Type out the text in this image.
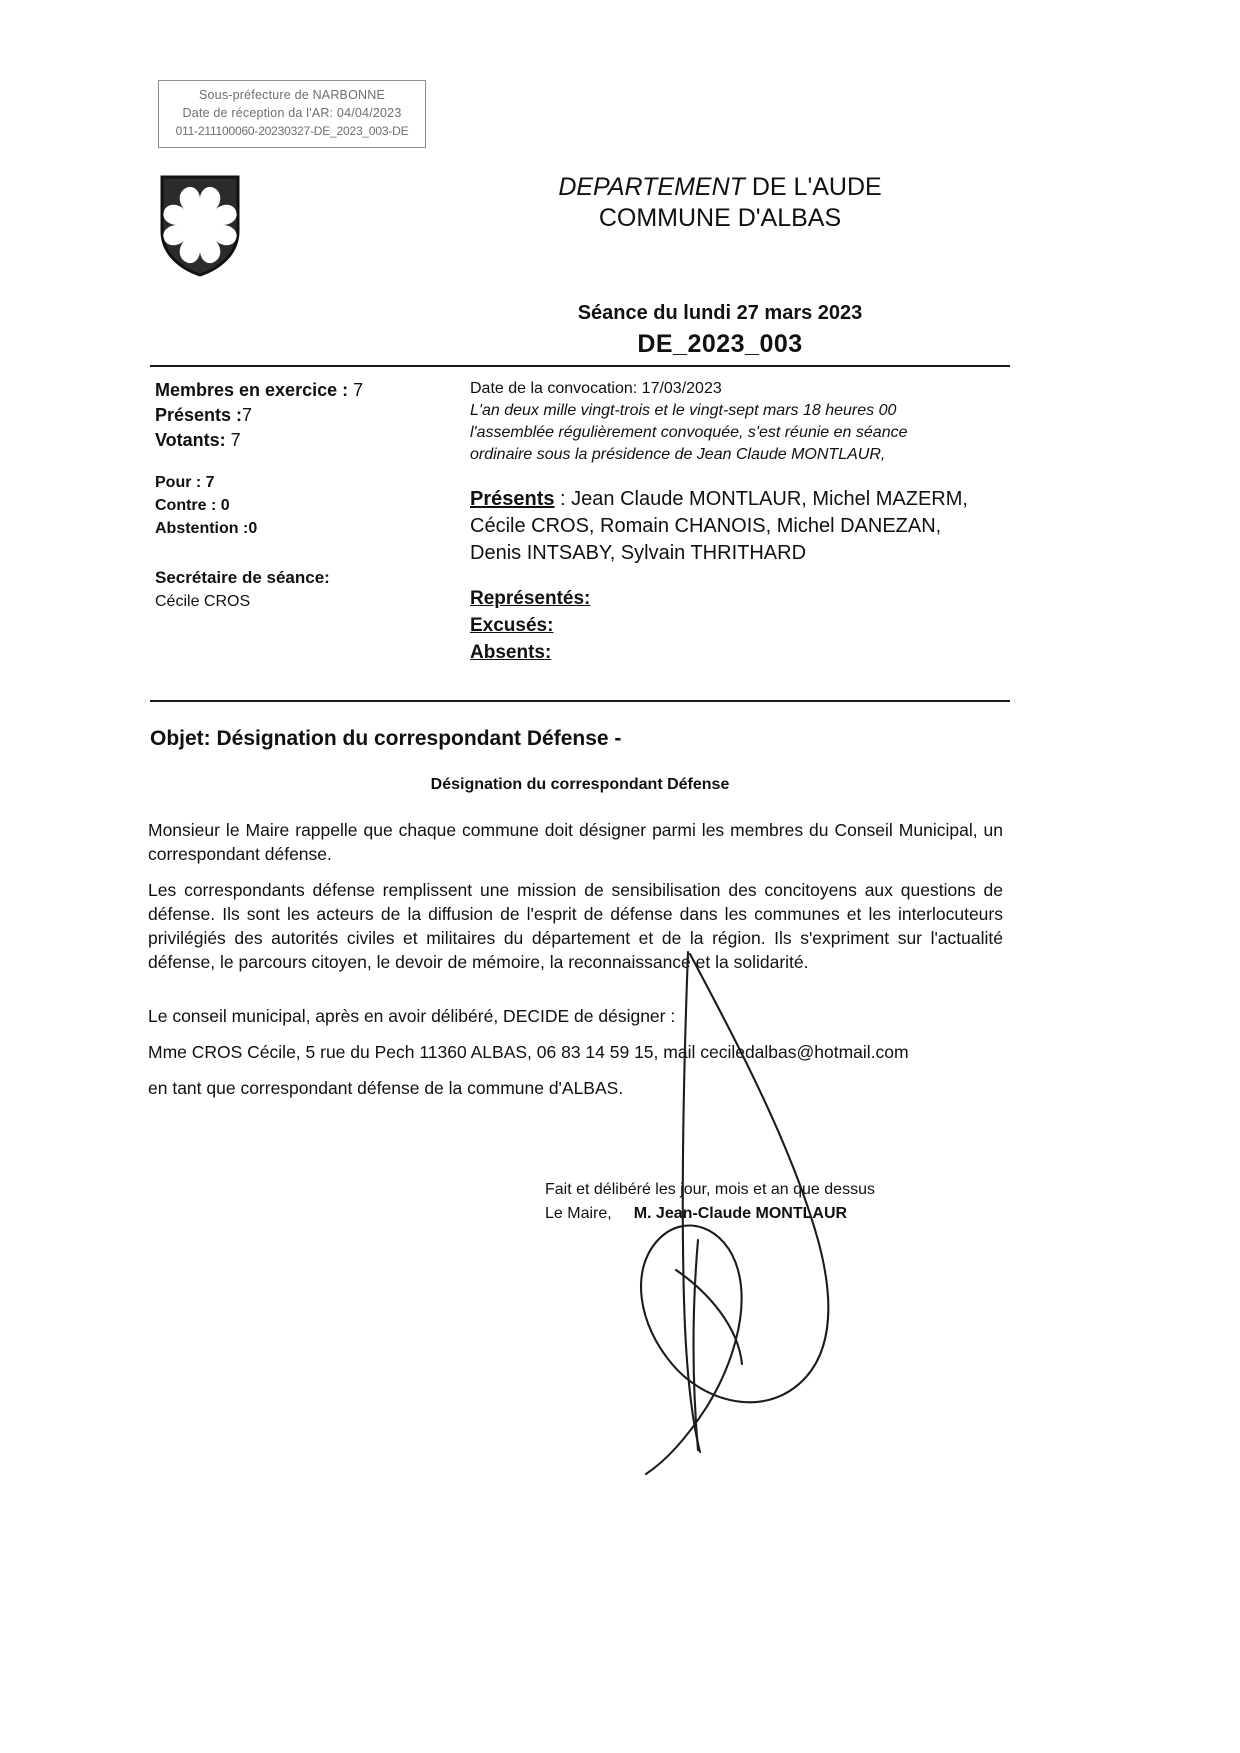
Sous-préfecture de NARBONNE
Date de réception da l'AR: 04/04/2023
011-211100060-20230327-DE_2023_003-DE
DEPARTEMENT DE L'AUDE
COMMUNE D'ALBAS
Séance du lundi 27 mars 2023
DE_2023_003
Membres en exercice : 7
Présents :7
Votants: 7
Pour : 7
Contre : 0
Abstention :0
Secrétaire de séance:
Cécile CROS
Date de la convocation: 17/03/2023
L'an deux mille vingt-trois et le vingt-sept mars 18 heures 00
l'assemblée régulièrement convoquée, s'est réunie en séance
ordinaire sous la présidence de Jean Claude MONTLAUR,
Présents : Jean Claude MONTLAUR, Michel MAZERM, Cécile CROS, Romain CHANOIS, Michel DANEZAN, Denis INTSABY, Sylvain THRITHARD
Représentés:
Excusés:
Absents:
Objet: Désignation du correspondant Défense -
Désignation du correspondant Défense

Monsieur le Maire rappelle que chaque commune doit désigner parmi les membres du Conseil Municipal, un correspondant défense.

Les correspondants défense remplissent une mission de sensibilisation des concitoyens aux questions de défense. Ils sont les acteurs de la diffusion de l'esprit de défense dans les communes et les interlocuteurs privilégiés des autorités civiles et militaires du département et de la région. Ils s'expriment sur l'actualité défense, le parcours citoyen, le devoir de mémoire, la reconnaissance et la solidarité.

Le conseil municipal, après en avoir délibéré, DECIDE de désigner :

Mme CROS Cécile, 5 rue du Pech 11360 ALBAS, 06 83 14 59 15, mail ceciledalbas@hotmail.com

en tant que correspondant défense de la commune d'ALBAS.

Fait et délibéré les jour, mois et an que dessus
Le Maire, M. Jean-Claude MONTLAUR
